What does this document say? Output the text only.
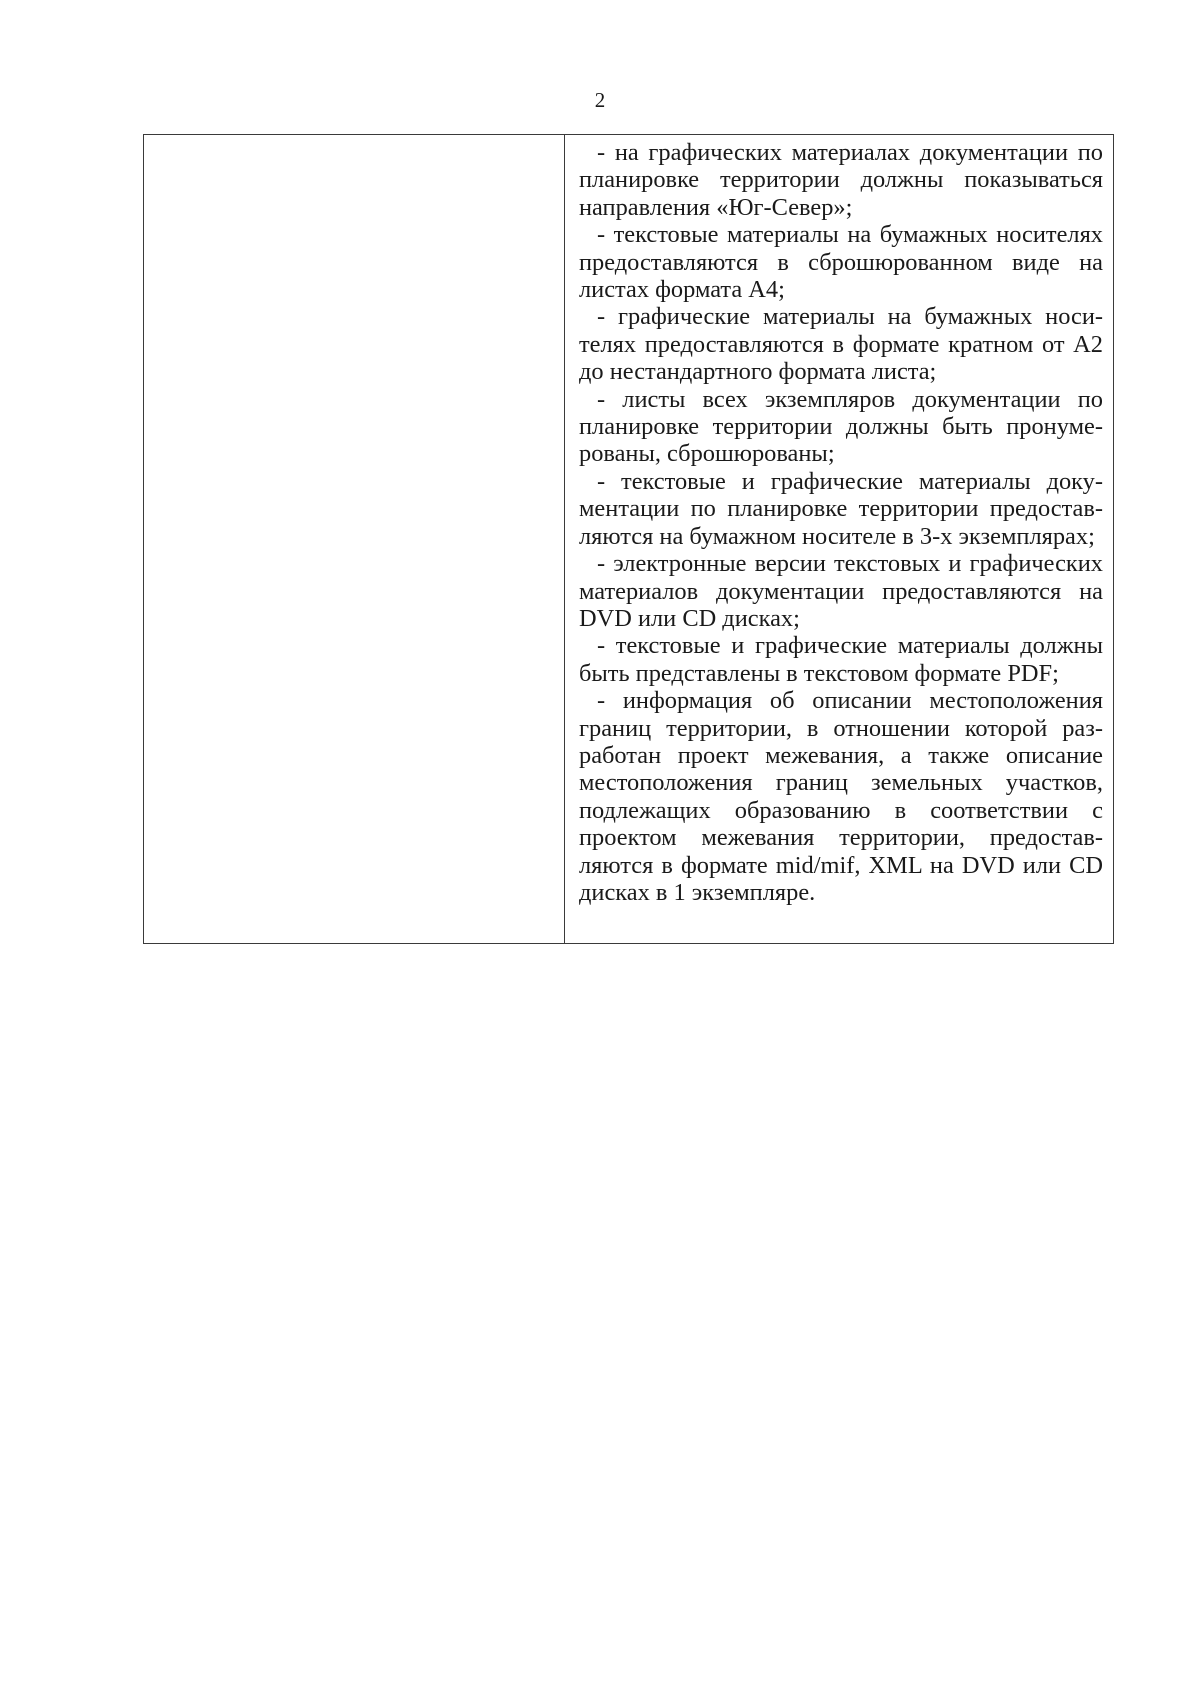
2

- на графических материалах документации по планировке территории должны показываться направления «Юг-Север»;

- текстовые материалы на бумажных носителях предоставляются в сброшюрованном виде на листах формата А4;

- графические материалы на бумажных носителях предоставляются в формате кратном от А2 до нестандартного формата листа;

- листы всех экземпляров документации по планировке территории должны быть пронумерованы, сброшюрованы;

- текстовые и графические материалы документации по планировке территории предоставляются на бумажном носителе в 3-х экземплярах;

- электронные версии текстовых и графических материалов документации предоставляются на DVD или CD дисках;

- текстовые и графические материалы должны быть представлены в текстовом формате PDF;

- информация об описании местоположения границ территории, в отношении которой разработан проект межевания, а также описание местоположения границ земельных участков, подлежащих образованию в соответствии с проектом межевания территории, предоставляются в формате mid/mif, XML на DVD или CD дисках в 1 экземпляре.
